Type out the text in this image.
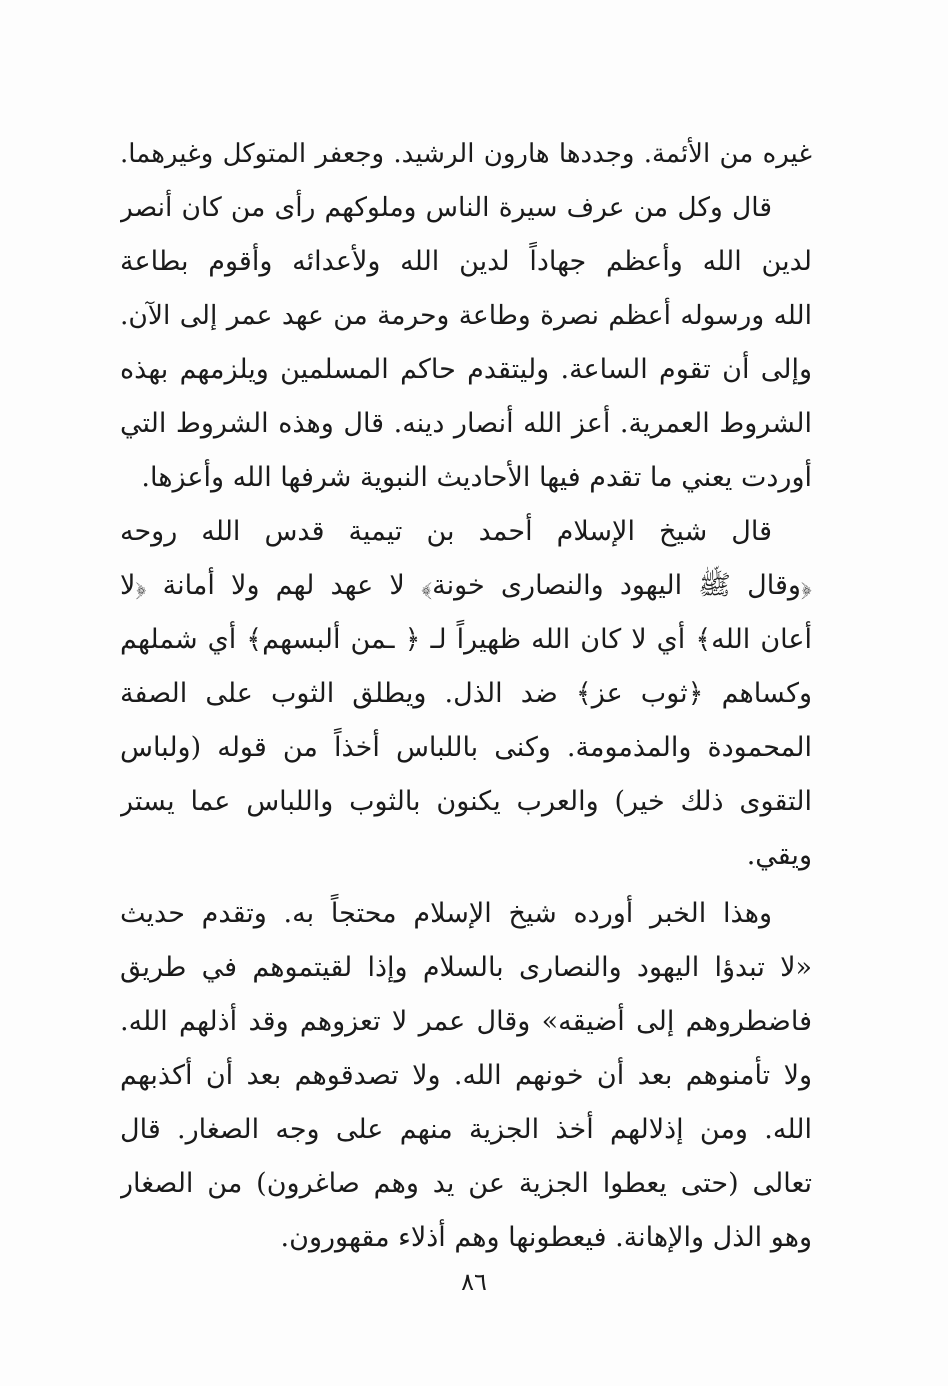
غيره من الأئمة. وجددها هارون الرشيد. وجعفر المتوكل وغيرهما.
قال وكل من عرف سيرة الناس وملوكهم رأى من كان أنصر
لدين الله وأعظم جهاداً لدين الله ولأعدائه وأقوم بطاعة
الله ورسوله أعظم نصرة وطاعة وحرمة من عهد عمر إلى الآن.
وإلى أن تقوم الساعة. وليتقدم حاكم المسلمين ويلزمهم بهذه
الشروط العمرية. أعز الله أنصار دينه. قال وهذه الشروط التي
أوردت يعني ما تقدم فيها الأحاديث النبوية شرفها الله وأعزها.
قال شيخ الإسلام أحمد بن تيمية قدس الله روحه
﴿وقال ﷺ اليهود والنصارى خونة﴾ لا عهد لهم ولا أمانة ﴿لا
أعان الله﴾ أي لا كان الله ظهيراً لـ ﴿ ـمن ألبسهم﴾ أي شملهم
وكساهم ﴿ثوب عز﴾ ضد الذل. ويطلق الثوب على الصفة
المحمودة والمذمومة. وكنى باللباس أخذاً من قوله (ولباس
التقوى ذلك خير) والعرب يكنون بالثوب واللباس عما يستر
ويقي.
وهذا الخبر أورده شيخ الإسلام محتجاً به. وتقدم حديث
«لا تبدؤا اليهود والنصارى بالسلام وإذا لقيتموهم في طريق
فاضطروهم إلى أضيقه» وقال عمر لا تعزوهم وقد أذلهم الله.
ولا تأمنوهم بعد أن خونهم الله. ولا تصدقوهم بعد أن أكذبهم
الله. ومن إذلالهم أخذ الجزية منهم على وجه الصغار. قال
تعالى (حتى يعطوا الجزية عن يد وهم صاغرون) من الصغار
وهو الذل والإهانة. فيعطونها وهم أذلاء مقهورون.
٨٦
